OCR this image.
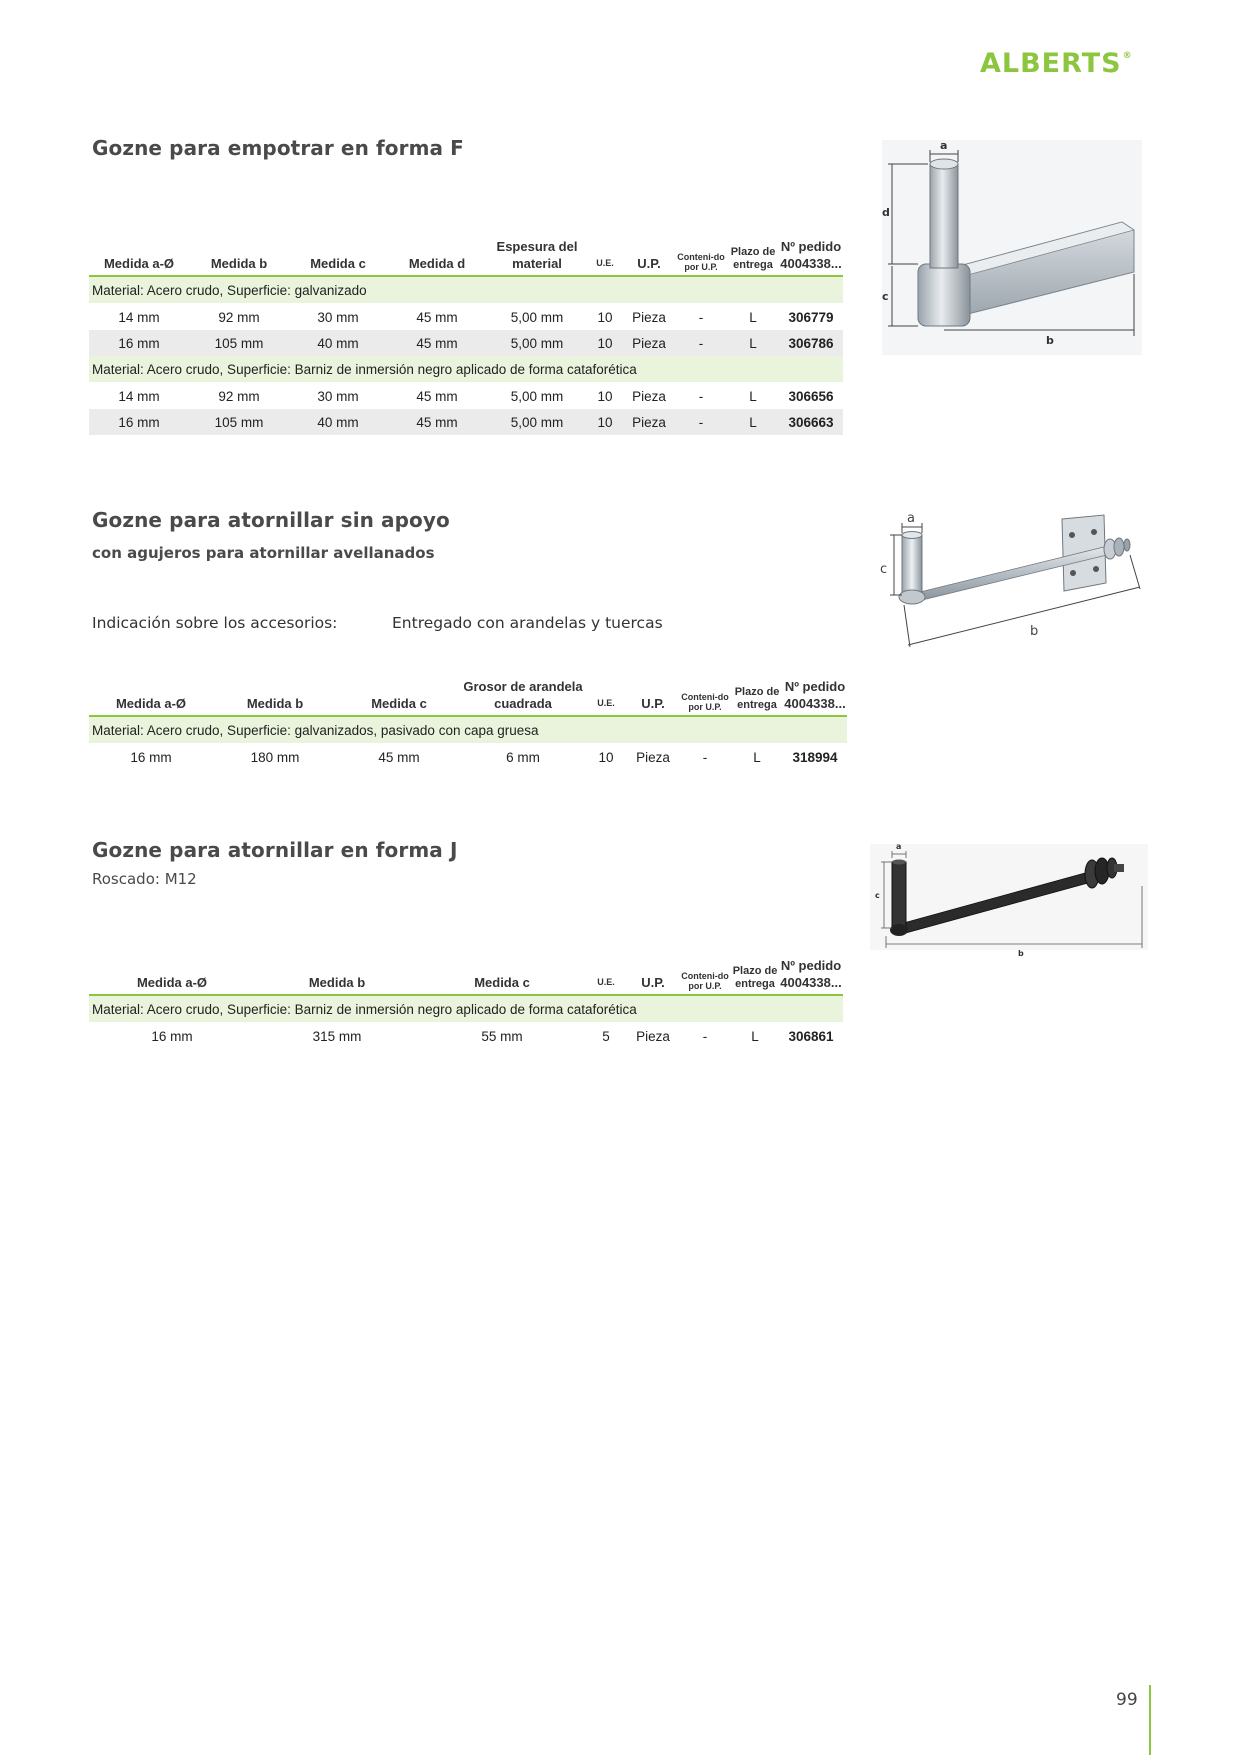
ALBERTS®
Gozne para empotrar en forma F
Medida a-Ø	Medida b	Medida c	Medida d	Espesura del material	U.E.	U.P.	Conteni-do por U.P.	Plazo de entrega	Nº pedido 4004338...
Material: Acero crudo, Superficie: galvanizado									
14 mm	92 mm	30 mm	45 mm	5,00 mm	10	Pieza	-	L	306779
16 mm	105 mm	40 mm	45 mm	5,00 mm	10	Pieza	-	L	306786
Material: Acero crudo, Superficie: Barniz de inmersión negro aplicado de forma cataforética									
14 mm	92 mm	30 mm	45 mm	5,00 mm	10	Pieza	-	L	306656
16 mm	105 mm	40 mm	45 mm	5,00 mm	10	Pieza	-	L	306663
a
d
c
b
Gozne para atornillar sin apoyo
con agujeros para atornillar avellanados
Indicación sobre los accesorios:	Entregado con arandelas y tuercas
Medida a-Ø	Medida b	Medida c	Grosor de arandela cuadrada	U.E.	U.P.	Conteni-do por U.P.	Plazo de entrega	Nº pedido 4004338...
Material: Acero crudo, Superficie: galvanizados, pasivado con capa gruesa								
16 mm	180 mm	45 mm	6 mm	10	Pieza	-	L	318994
a
c
b
Gozne para atornillar en forma J
Roscado: M12
Medida a-Ø	Medida b	Medida c	U.E.	U.P.	Conteni-do por U.P.	Plazo de entrega	Nº pedido 4004338...
Material: Acero crudo, Superficie: Barniz de inmersión negro aplicado de forma cataforética							
16 mm	315 mm	55 mm	5	Pieza	-	L	306861
a
c
b
99
